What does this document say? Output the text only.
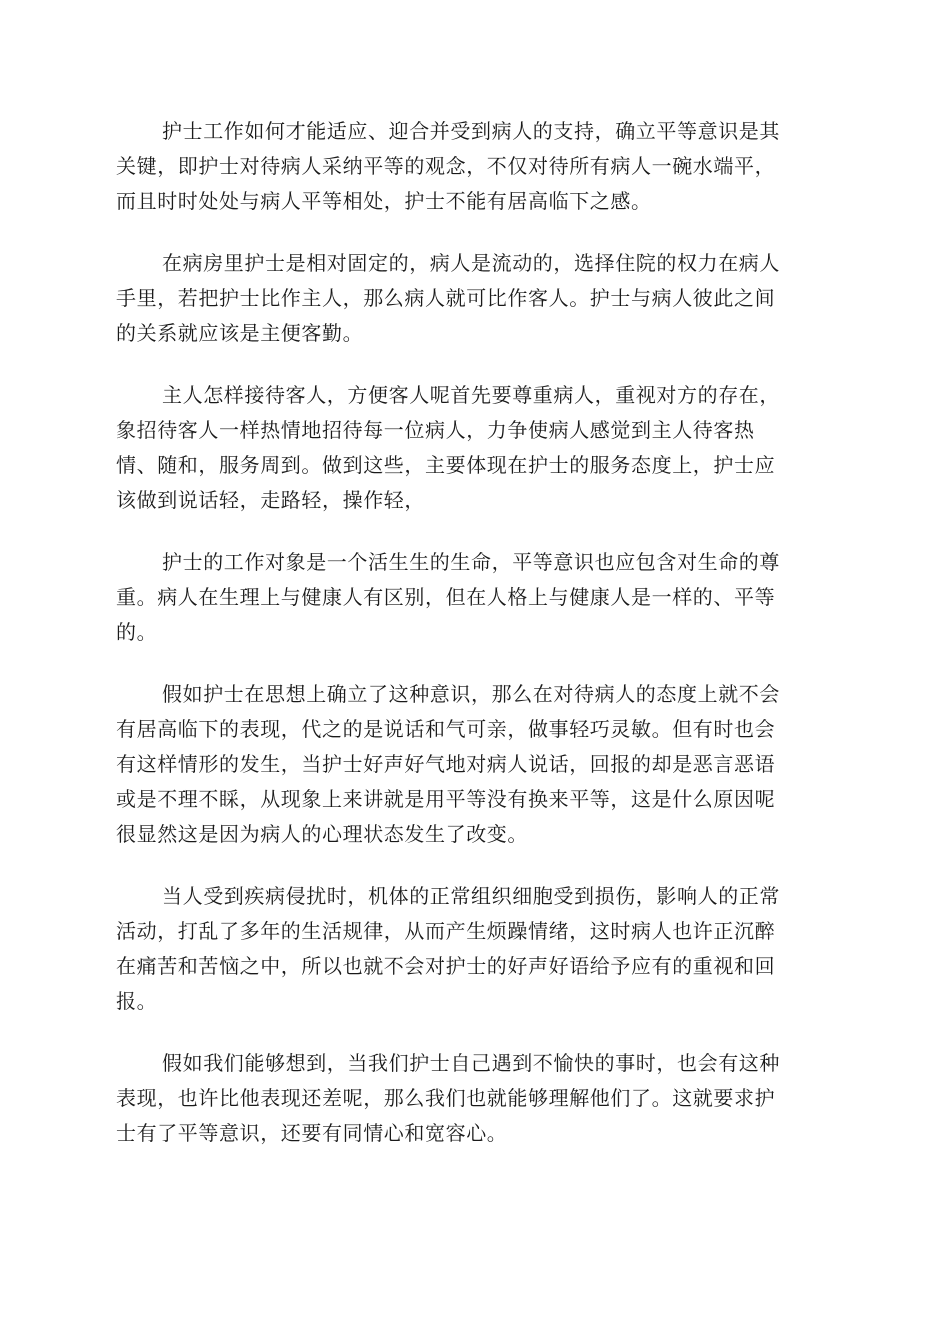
护士工作如何才能适应、迎合并受到病人的支持，确立平等意识是其
关键，即护士对待病人采纳平等的观念，不仅对待所有病人一碗水端平，
而且时时处处与病人平等相处，护士不能有居高临下之感。

在病房里护士是相对固定的，病人是流动的，选择住院的权力在病人
手里，若把护士比作主人，那么病人就可比作客人。护士与病人彼此之间
的关系就应该是主便客勤。

主人怎样接待客人，方便客人呢首先要尊重病人，重视对方的存在，
象招待客人一样热情地招待每一位病人，力争使病人感觉到主人待客热
情、随和，服务周到。做到这些，主要体现在护士的服务态度上，护士应
该做到说话轻，走路轻，操作轻，

护士的工作对象是一个活生生的生命，平等意识也应包含对生命的尊
重。病人在生理上与健康人有区别，但在人格上与健康人是一样的、平等
的。

假如护士在思想上确立了这种意识，那么在对待病人的态度上就不会
有居高临下的表现，代之的是说话和气可亲，做事轻巧灵敏。但有时也会
有这样情形的发生，当护士好声好气地对病人说话，回报的却是恶言恶语
或是不理不睬，从现象上来讲就是用平等没有换来平等，这是什么原因呢
很显然这是因为病人的心理状态发生了改变。

当人受到疾病侵扰时，机体的正常组织细胞受到损伤，影响人的正常
活动，打乱了多年的生活规律，从而产生烦躁情绪，这时病人也许正沉醉
在痛苦和苦恼之中，所以也就不会对护士的好声好语给予应有的重视和回
报。

假如我们能够想到，当我们护士自己遇到不愉快的事时，也会有这种
表现，也许比他表现还差呢，那么我们也就能够理解他们了。这就要求护
士有了平等意识，还要有同情心和宽容心。
